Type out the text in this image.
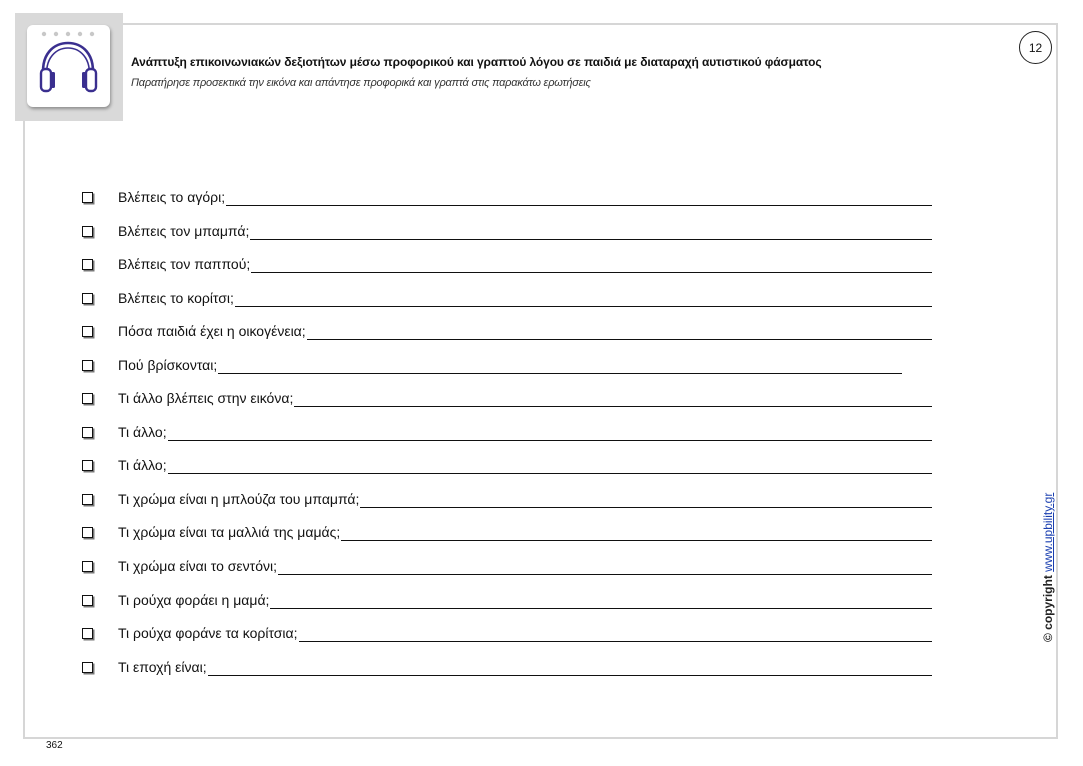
Ανάπτυξη επικοινωνιακών δεξιοτήτων μέσω προφορικού και γραπτού λόγου σε παιδιά με διαταραχή αυτιστικού φάσματος
Παρατήρησε προσεκτικά την εικόνα και απάντησε προφορικά και γραπτά στις παρακάτω ερωτήσεις
12
Βλέπεις το αγόρι;
Βλέπεις τον μπαμπά;
Βλέπεις τον παππού;
Βλέπεις το κορίτσι;
Πόσα παιδιά έχει η οικογένεια;
Πού βρίσκονται;
Τι άλλο βλέπεις στην εικόνα;
Τι άλλο;
Τι άλλο;
Τι χρώμα είναι η μπλούζα του μπαμπά;
Τι χρώμα είναι τα μαλλιά της μαμάς;
Τι χρώμα είναι το σεντόνι;
Τι ρούχα φοράει η μαμά;
Τι ρούχα φοράνε τα κορίτσια;
Τι εποχή είναι;
© copyright www.upbility.gr
362
